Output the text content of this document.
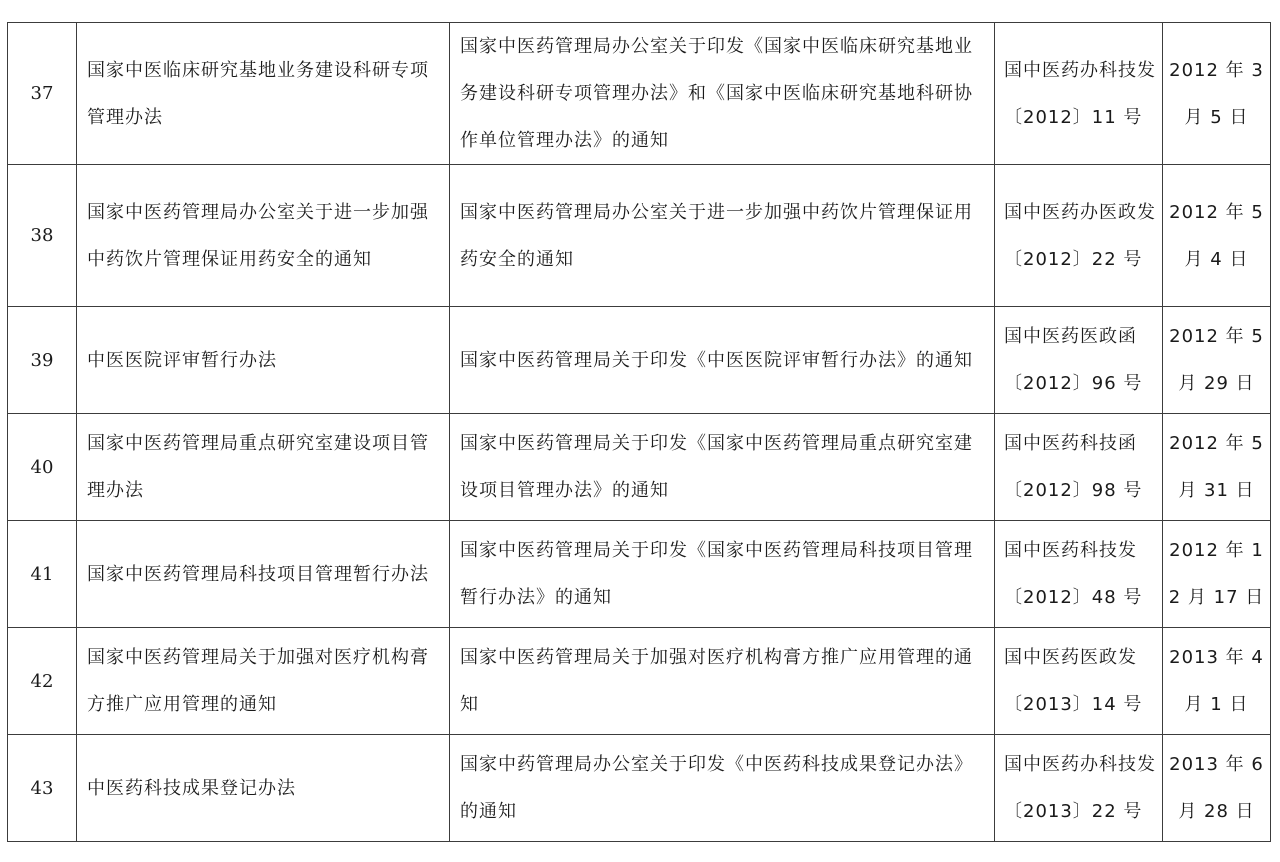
37	国家中医临床研究基地业务建设科研专项管理办法	国家中医药管理局办公室关于印发《国家中医临床研究基地业务建设科研专项管理办法》和《国家中医临床研究基地科研协作单位管理办法》的通知	国中医药办科技发〔2012〕11 号	2012 年 3 月 5 日
38	国家中医药管理局办公室关于进一步加强中药饮片管理保证用药安全的通知	国家中医药管理局办公室关于进一步加强中药饮片管理保证用药安全的通知	国中医药办医政发〔2012〕22 号	2012 年 5 月 4 日
39	中医医院评审暂行办法	国家中医药管理局关于印发《中医医院评审暂行办法》的通知	国中医药医政函〔2012〕96 号	2012 年 5 月 29 日
40	国家中医药管理局重点研究室建设项目管理办法	国家中医药管理局关于印发《国家中医药管理局重点研究室建设项目管理办法》的通知	国中医药科技函〔2012〕98 号	2012 年 5 月 31 日
41	国家中医药管理局科技项目管理暂行办法	国家中医药管理局关于印发《国家中医药管理局科技项目管理暂行办法》的通知	国中医药科技发〔2012〕48 号	2012 年 12 月 17 日
42	国家中医药管理局关于加强对医疗机构膏方推广应用管理的通知	国家中医药管理局关于加强对医疗机构膏方推广应用管理的通知	国中医药医政发〔2013〕14 号	2013 年 4 月 1 日
43	中医药科技成果登记办法	国家中药管理局办公室关于印发《中医药科技成果登记办法》的通知	国中医药办科技发〔2013〕22 号	2013 年 6 月 28 日
